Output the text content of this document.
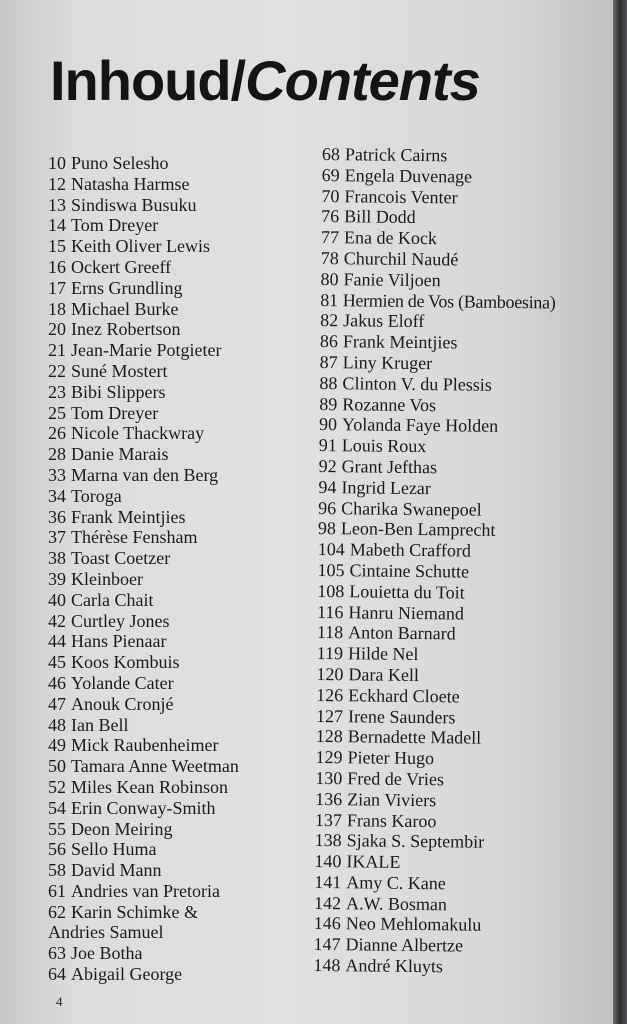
Inhoud/Contents
10 Puno Selesho
12 Natasha Harmse
13 Sindiswa Busuku
14 Tom Dreyer
15 Keith Oliver Lewis
16 Ockert Greeff
17 Erns Grundling
18 Michael Burke
20 Inez Robertson
21 Jean-Marie Potgieter
22 Suné Mostert
23 Bibi Slippers
25 Tom Dreyer
26 Nicole Thackwray
28 Danie Marais
33 Marna van den Berg
34 Toroga
36 Frank Meintjies
37 Thérèse Fensham
38 Toast Coetzer
39 Kleinboer
40 Carla Chait
42 Curtley Jones
44 Hans Pienaar
45 Koos Kombuis
46 Yolande Cater
47 Anouk Cronjé
48 Ian Bell
49 Mick Raubenheimer
50 Tamara Anne Weetman
52 Miles Kean Robinson
54 Erin Conway-Smith
55 Deon Meiring
56 Sello Huma
58 David Mann
61 Andries van Pretoria
62 Karin Schimke & Andries Samuel
63 Joe Botha
64 Abigail George
68 Patrick Cairns
69 Engela Duvenage
70 Francois Venter
76 Bill Dodd
77 Ena de Kock
78 Churchil Naudé
80 Fanie Viljoen
81 Hermien de Vos (Bamboesina)
82 Jakus Eloff
86 Frank Meintjies
87 Liny Kruger
88 Clinton V. du Plessis
89 Rozanne Vos
90 Yolanda Faye Holden
91 Louis Roux
92 Grant Jefthas
94 Ingrid Lezar
96 Charika Swanepoel
98 Leon-Ben Lamprecht
104 Mabeth Crafford
105 Cintaine Schutte
108 Louietta du Toit
116 Hanru Niemand
118 Anton Barnard
119 Hilde Nel
120 Dara Kell
126 Eckhard Cloete
127 Irene Saunders
128 Bernadette Madell
129 Pieter Hugo
130 Fred de Vries
136 Zian Viviers
137 Frans Karoo
138 Sjaka S. Septembir
140 IKALE
141 Amy C. Kane
142 A.W. Bosman
146 Neo Mehlomakulu
147 Dianne Albertze
148 André Kluyts
4
